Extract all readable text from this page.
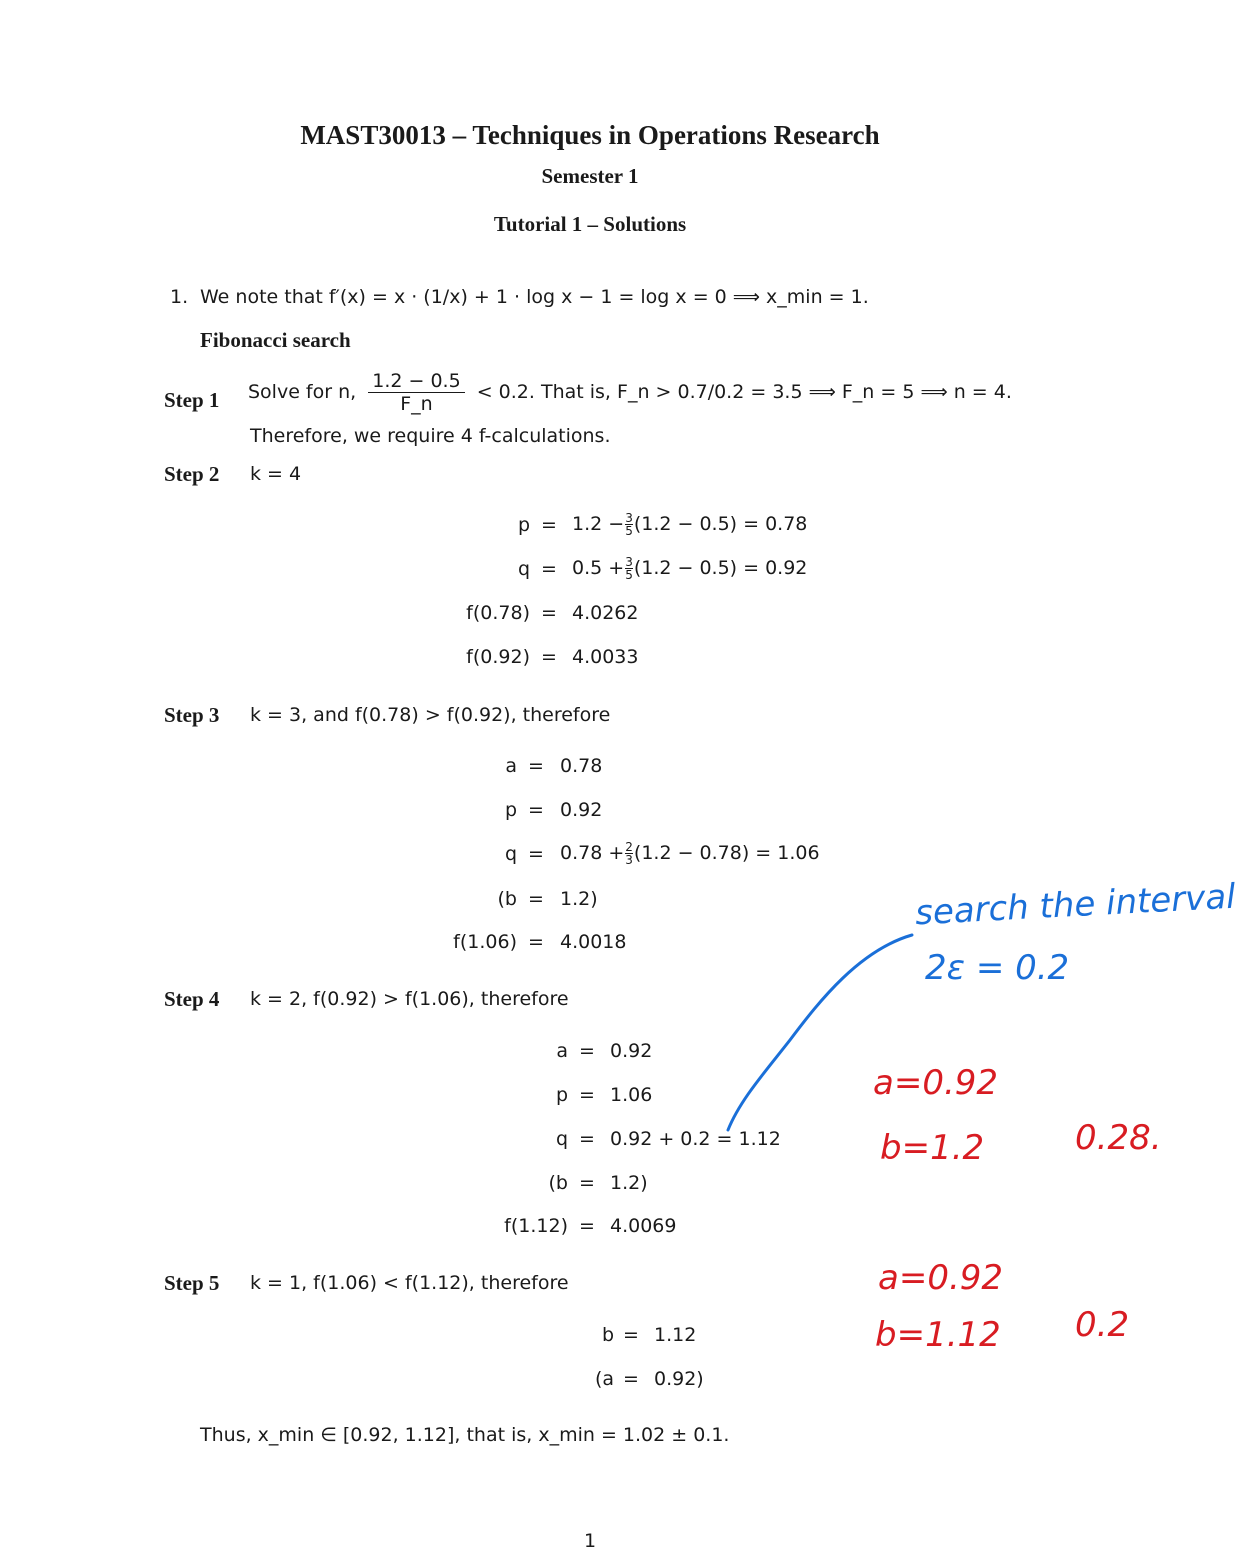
MAST30013 – Techniques in Operations Research
Semester 1
Tutorial 1 – Solutions
1. We note that f′(x) = x · (1/x) + 1 · log x − 1 = log x = 0 ⟹ x_min = 1.
Fibonacci search
Step 1 Solve for n, $\frac{1.2 - 0.5}{F\_n} < 0.2$. That is, F_n > 0.7/0.2 = 3.5 ⟹ F_n = 5 ⟹ n = 4.
Therefore, we require 4 f-calculations.
Step 2 k = 4
$p = 1.2 - \frac{3}{5} (1.2 - 0.5) = 0.78$
$q = 0.5 + \frac{3}{5} (1.2 - 0.5) = 0.92$
f(0.78) = 4.0262
f(0.92) = 4.0033
Step 3 k = 3, and f(0.78) > f(0.92), therefore
a = 0.78
p = 0.92
$q = 0.78 + \frac{2}{3} (1.2 - 0.78) = 1.06$
(b = 1.2)
f(1.06) = 4.0018
Step 4 k = 2, f(0.92) > f(1.06), therefore
a = 0.92
p = 1.06
q = 0.92 + 0.2 = 1.12
(b = 1.2)
f(1.12) = 4.0069
Step 5 k = 1, f(1.06) < f(1.12), therefore
b = 1.12
(a = 0.92)
Thus, x_min ∈ [0.92, 1.12], that is, x_min = 1.02 ± 0.1.
1
search the interval
2ε = 0.2
a=0.92
b=1.2	0.28.
a=0.92
b=1.12 0.2
